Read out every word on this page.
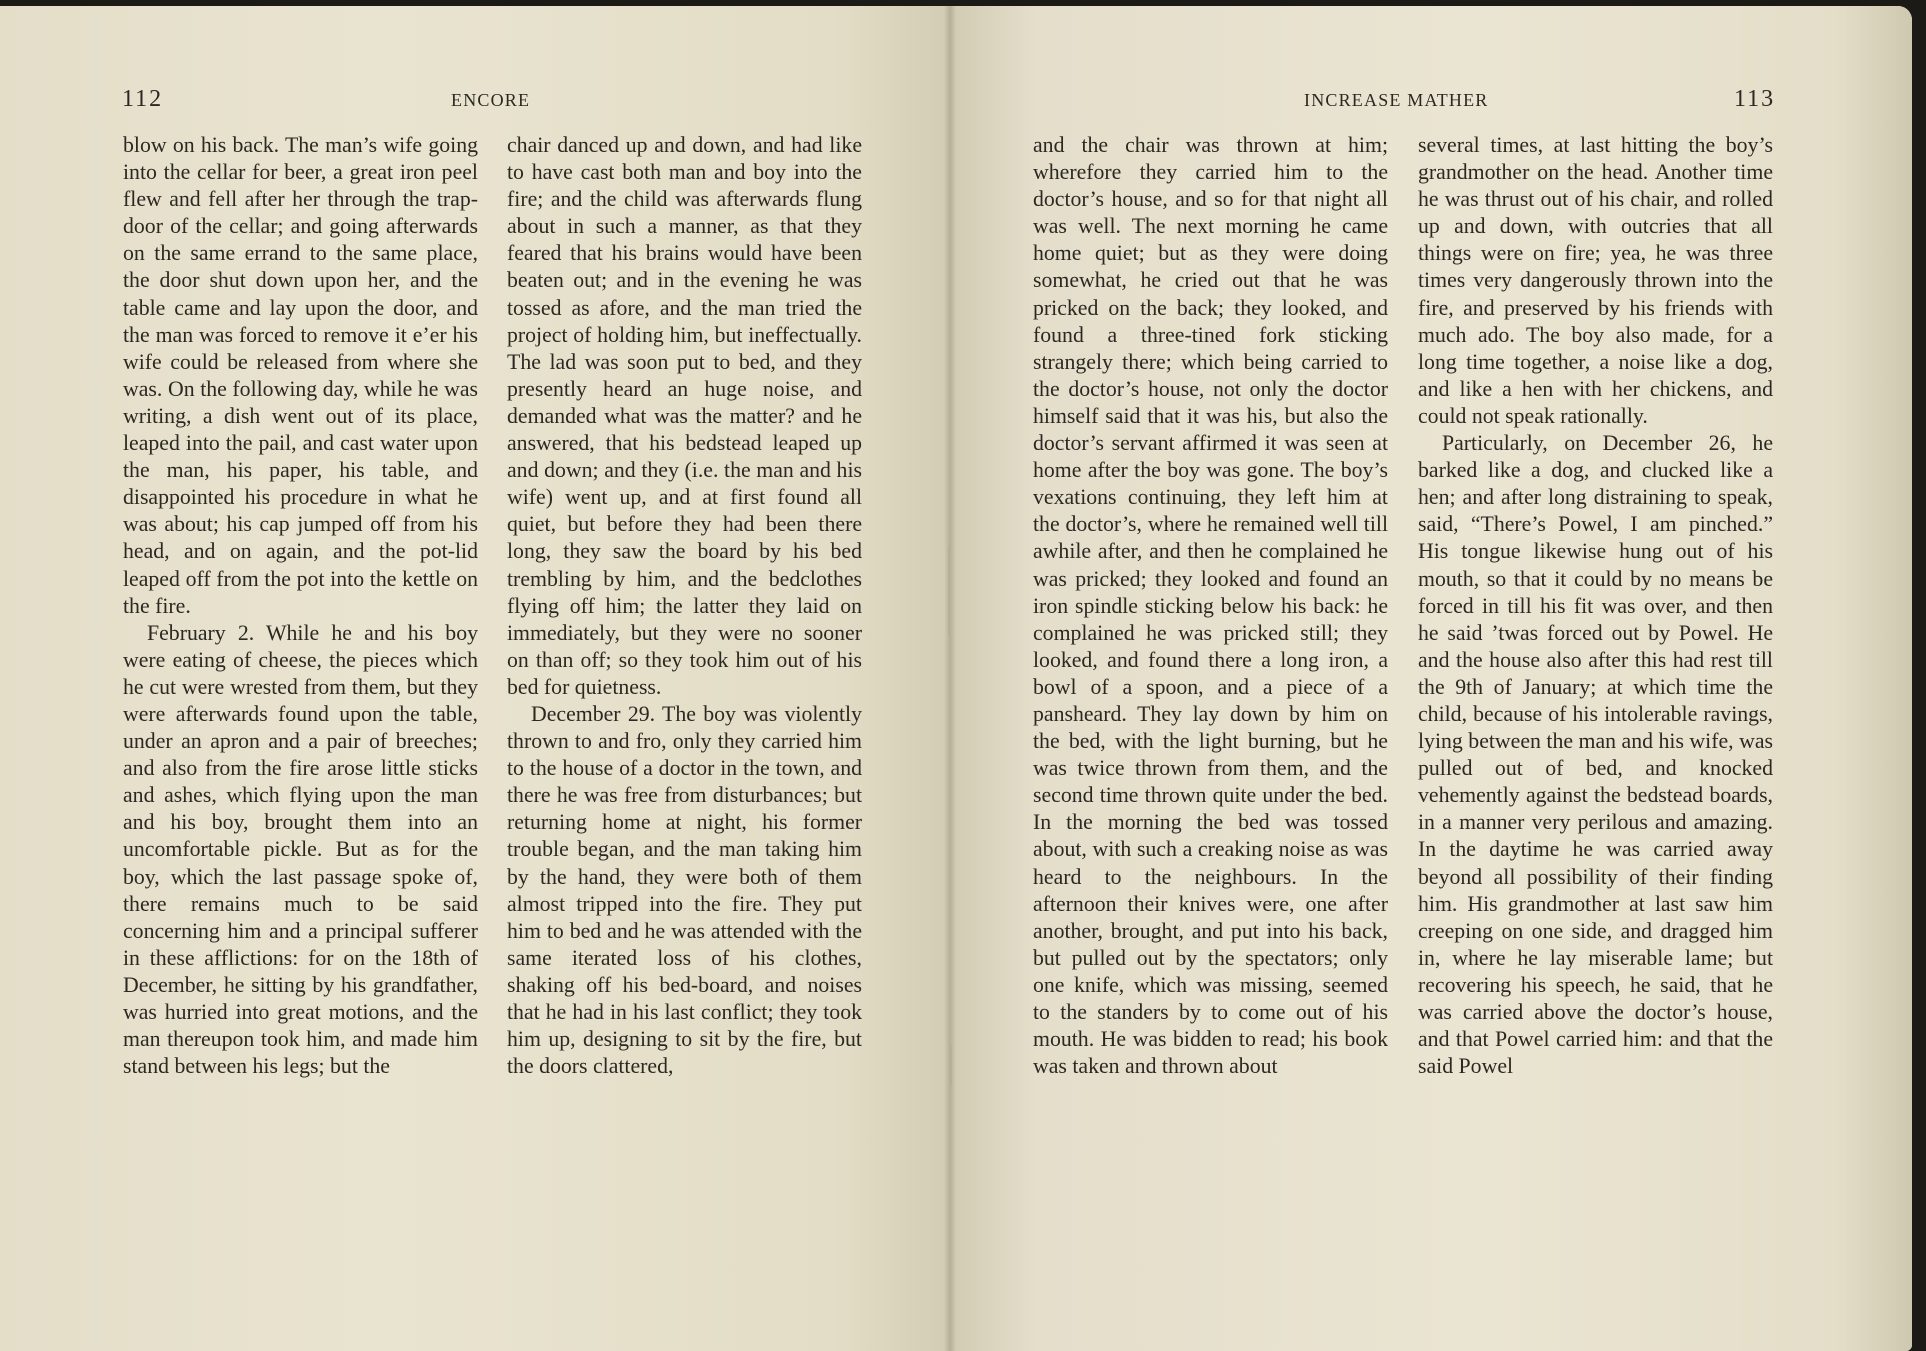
112	ENCORE

blow on his back. The man’s wife going into the cellar for beer, a great iron peel flew and fell after her through the trap-door of the cellar; and going afterwards on the same errand to the same place, the door shut down upon her, and the table came and lay upon the door, and the man was forced to remove it e’er his wife could be released from where she was. On the following day, while he was writing, a dish went out of its place, leaped into the pail, and cast water upon the man, his paper, his table, and disappointed his procedure in what he was about; his cap jumped off from his head, and on again, and the pot-lid leaped off from the pot into the kettle on the fire.

February 2. While he and his boy were eating of cheese, the pieces which he cut were wrested from them, but they were afterwards found upon the table, under an apron and a pair of breeches; and also from the fire arose little sticks and ashes, which flying upon the man and his boy, brought them into an uncomfortable pickle. But as for the boy, which the last passage spoke of, there remains much to be said concerning him and a principal sufferer in these afflictions: for on the 18th of December, he sitting by his grandfather, was hurried into great motions, and the man thereupon took him, and made him stand between his legs; but the

chair danced up and down, and had like to have cast both man and boy into the fire; and the child was afterwards flung about in such a manner, as that they feared that his brains would have been beaten out; and in the evening he was tossed as afore, and the man tried the project of holding him, but ineffectually. The lad was soon put to bed, and they presently heard an huge noise, and demanded what was the matter? and he answered, that his bedstead leaped up and down; and they (i.e. the man and his wife) went up, and at first found all quiet, but before they had been there long, they saw the board by his bed trembling by him, and the bedclothes flying off him; the latter they laid on immediately, but they were no sooner on than off; so they took him out of his bed for quietness.

December 29. The boy was violently thrown to and fro, only they carried him to the house of a doctor in the town, and there he was free from disturbances; but returning home at night, his former trouble began, and the man taking him by the hand, they were both of them almost tripped into the fire. They put him to bed and he was attended with the same iterated loss of his clothes, shaking off his bed-board, and noises that he had in his last conflict; they took him up, designing to sit by the fire, but the doors clattered,

INCREASE MATHER	113

and the chair was thrown at him; wherefore they carried him to the doctor’s house, and so for that night all was well. The next morning he came home quiet; but as they were doing somewhat, he cried out that he was pricked on the back; they looked, and found a three-tined fork sticking strangely there; which being carried to the doctor’s house, not only the doctor himself said that it was his, but also the doctor’s servant affirmed it was seen at home after the boy was gone. The boy’s vexations continuing, they left him at the doctor’s, where he remained well till awhile after, and then he complained he was pricked; they looked and found an iron spindle sticking below his back: he complained he was pricked still; they looked, and found there a long iron, a bowl of a spoon, and a piece of a pansheard. They lay down by him on the bed, with the light burning, but he was twice thrown from them, and the second time thrown quite under the bed. In the morning the bed was tossed about, with such a creaking noise as was heard to the neighbours. In the afternoon their knives were, one after another, brought, and put into his back, but pulled out by the spectators; only one knife, which was missing, seemed to the standers by to come out of his mouth. He was bidden to read; his book was taken and thrown about

several times, at last hitting the boy’s grandmother on the head. Another time he was thrust out of his chair, and rolled up and down, with outcries that all things were on fire; yea, he was three times very dangerously thrown into the fire, and preserved by his friends with much ado. The boy also made, for a long time together, a noise like a dog, and like a hen with her chickens, and could not speak rationally.

Particularly, on December 26, he barked like a dog, and clucked like a hen; and after long distraining to speak, said, “There’s Powel, I am pinched.” His tongue likewise hung out of his mouth, so that it could by no means be forced in till his fit was over, and then he said ’twas forced out by Powel. He and the house also after this had rest till the 9th of January; at which time the child, because of his intolerable ravings, lying between the man and his wife, was pulled out of bed, and knocked vehemently against the bedstead boards, in a manner very perilous and amazing. In the daytime he was carried away beyond all possibility of their finding him. His grandmother at last saw him creeping on one side, and dragged him in, where he lay miserable lame; but recovering his speech, he said, that he was carried above the doctor’s house, and that Powel carried him: and that the said Powel
